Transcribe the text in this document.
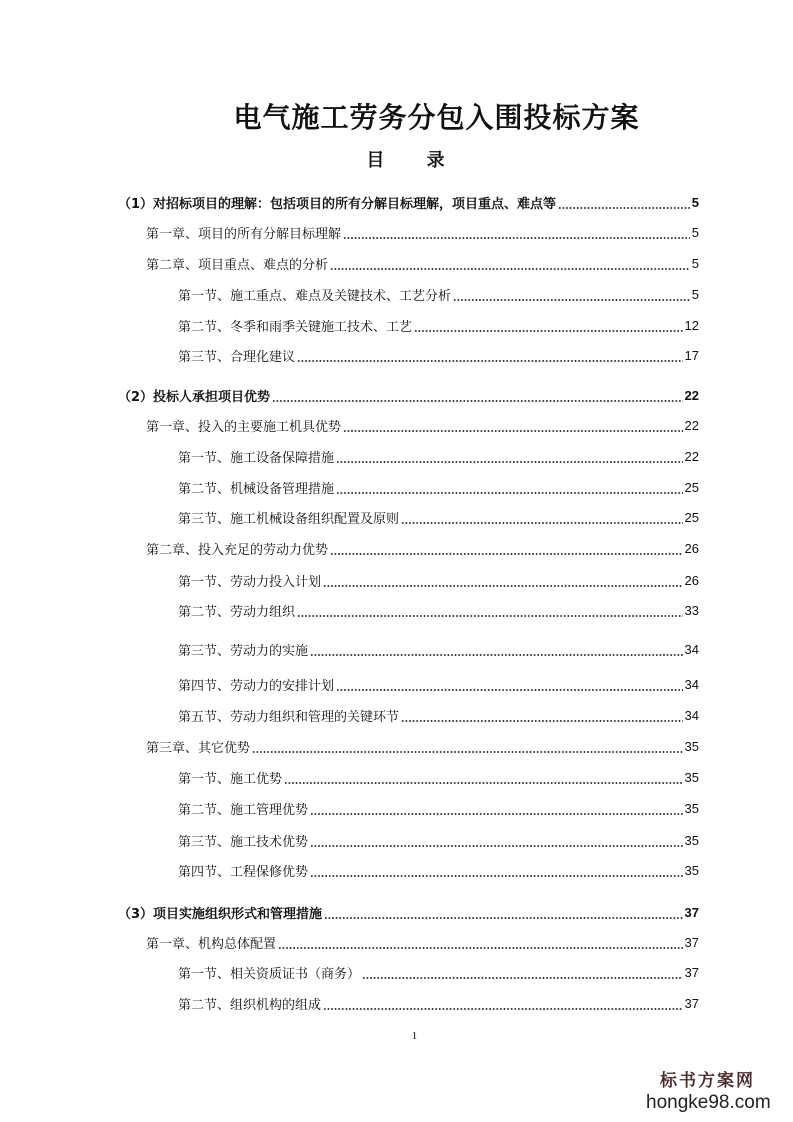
电气施工劳务分包入围投标方案
目 录
（1）对招标项目的理解：包括项目的所有分解目标理解，项目重点、难点等	5
第一章、项目的所有分解目标理解	5
第二章、项目重点、难点的分析	5
第一节、施工重点、难点及关键技术、工艺分析	5
第二节、冬季和雨季关键施工技术、工艺	12
第三节、合理化建议	17
（2）投标人承担项目优势	22
第一章、投入的主要施工机具优势	22
第一节、施工设备保障措施	22
第二节、机械设备管理措施	25
第三节、施工机械设备组织配置及原则	25
第二章、投入充足的劳动力优势	26
第一节、劳动力投入计划	26
第二节、劳动力组织	33
第三节、劳动力的实施	34
第四节、劳动力的安排计划	34
第五节、劳动力组织和管理的关键环节	34
第三章、其它优势	35
第一节、施工优势	35
第二节、施工管理优势	35
第三节、施工技术优势	35
第四节、工程保修优势	35
（3）项目实施组织形式和管理措施	37
第一章、机构总体配置	37
第一节、相关资质证书（商务）	37
第二节、组织机构的组成	37
1
标书方案网
hongke98.com
